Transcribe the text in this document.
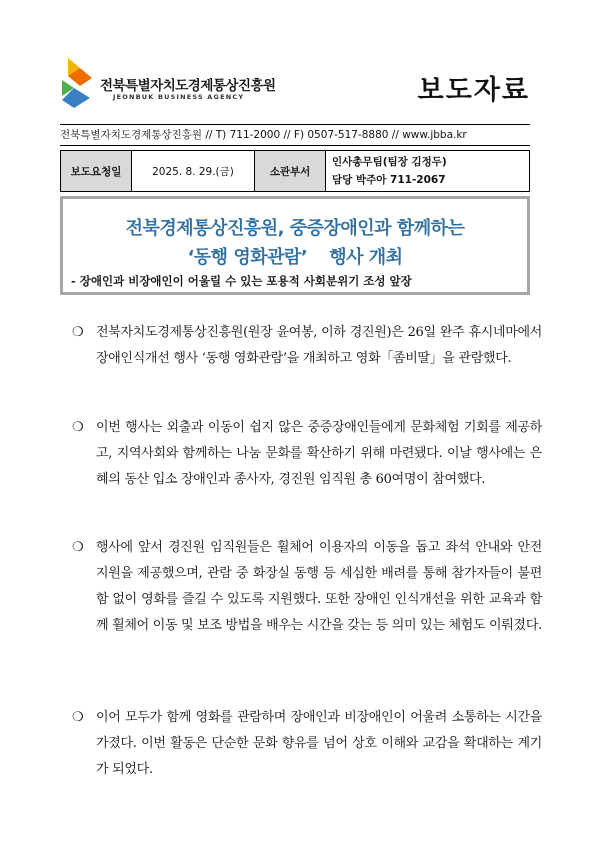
전북특별자치도경제통상진흥원
JEONBUK BUSINESS AGENCY	보도자료
전북특별자치도경제통상진흥원 // T) 711-2000 // F) 0507-517-8880 // www.jbba.kr
보도요청일	2025. 8. 29.(금)	소관부서	
인사총무팀(팀장 김정두)
담당 박주아 711-2067
전북경제통상진흥원, 중증장애인과 함께하는
‘동행 영화관람’ 행사 개최
- 장애인과 비장애인이 어울릴 수 있는 포용적 사회분위기 조성 앞장

❍ 전북자치도경제통상진흥원(원장 윤여봉, 이하 경진원)은 26일 완주 휴시네마에서 장애인식개선 행사 ‘동행 영화관람’을 개최하고 영화「좀비딸」을 관람했다.

❍ 이번 행사는 외출과 이동이 쉽지 않은 중증장애인들에게 문화체험 기회를 제공하고, 지역사회와 함께하는 나눔 문화를 확산하기 위해 마련됐다. 이날 행사에는 은혜의 동산 입소 장애인과 종사자, 경진원 임직원 총 60여명이 참여했다.

❍ 행사에 앞서 경진원 임직원들은 휠체어 이용자의 이동을 돕고 좌석 안내와 안전 지원을 제공했으며, 관람 중 화장실 동행 등 세심한 배려를 통해 참가자들이 불편함 없이 영화를 즐길 수 있도록 지원했다. 또한 장애인 인식개선을 위한 교육과 함께 휠체어 이동 및 보조 방법을 배우는 시간을 갖는 등 의미 있는 체험도 이뤄졌다.

❍ 이어 모두가 함께 영화를 관람하며 장애인과 비장애인이 어울려 소통하는 시간을 가졌다. 이번 활동은 단순한 문화 향유를 넘어 상호 이해와 교감을 확대하는 계기가 되었다.
